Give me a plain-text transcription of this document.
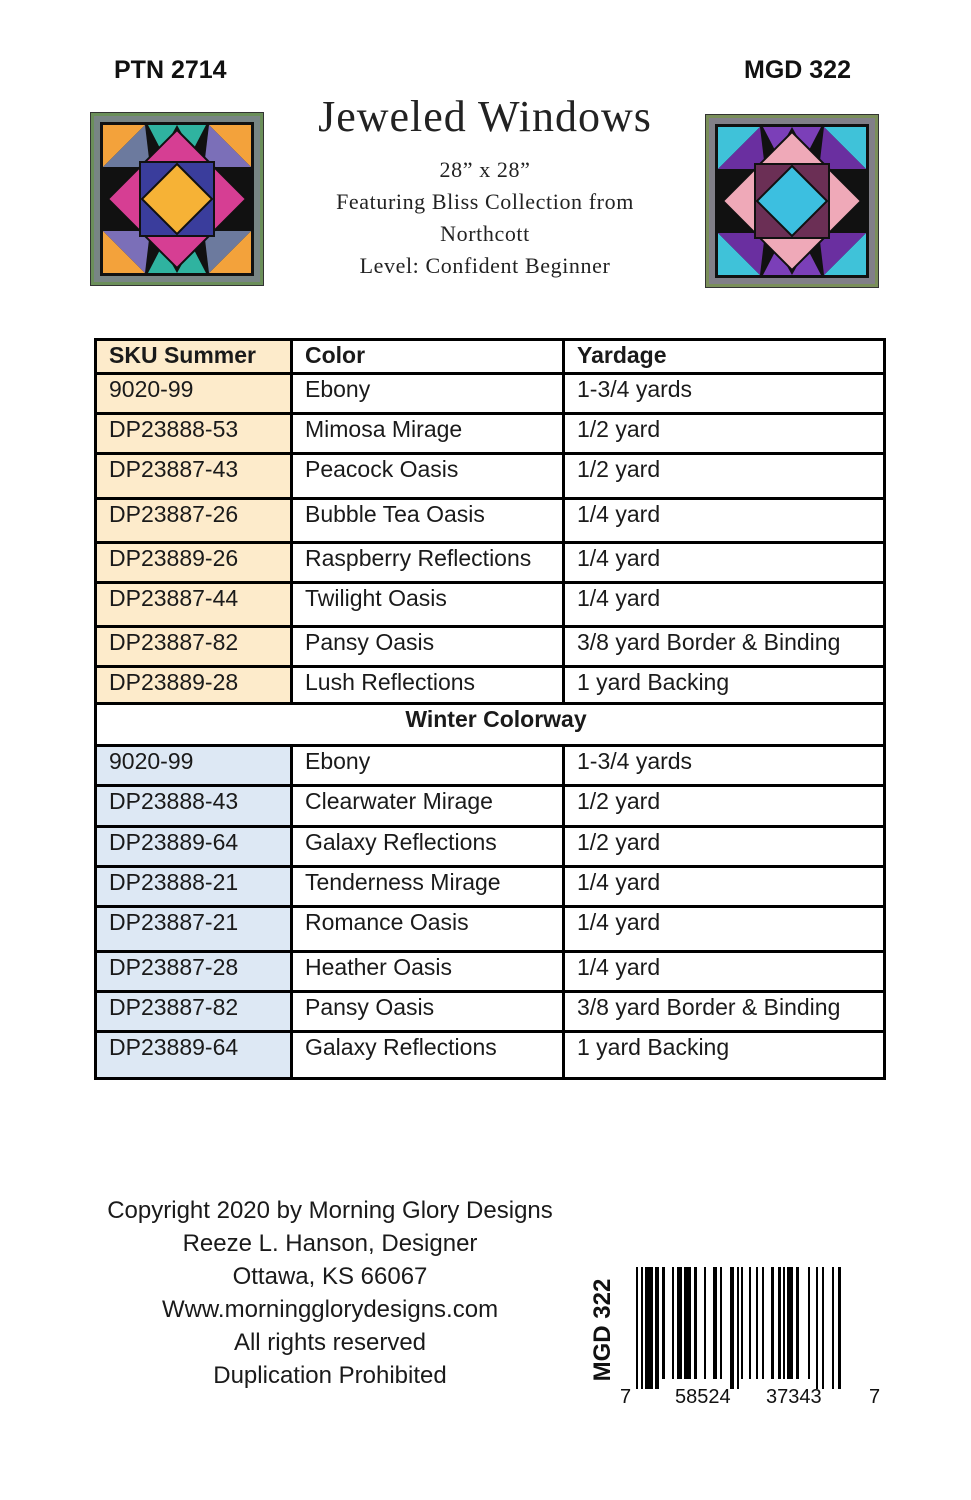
PTN 2714	MGD 322
Jeweled Windows
28” x 28”
Featuring Bliss Collection from
Northcott
Level: Confident Beginner
SKU Summer	Color	Yardage
9020-99	Ebony	1-3/4 yards
DP23888-53	Mimosa Mirage	1/2 yard
DP23887-43	Peacock Oasis	1/2 yard
DP23887-26	Bubble Tea Oasis	1/4 yard
DP23889-26	Raspberry Reflections	1/4 yard
DP23887-44	Twilight Oasis	1/4 yard
DP23887-82	Pansy Oasis	3/8 yard Border & Binding
DP23889-28	Lush Reflections	1 yard Backing
Winter Colorway		
9020-99	Ebony	1-3/4 yards
DP23888-43	Clearwater Mirage	1/2 yard
DP23889-64	Galaxy Reflections	1/2 yard
DP23888-21	Tenderness Mirage	1/4 yard
DP23887-21	Romance Oasis	1/4 yard
DP23887-28	Heather Oasis	1/4 yard
DP23887-82	Pansy Oasis	3/8 yard Border & Binding
DP23889-64	Galaxy Reflections	1 yard Backing
Copyright 2020 by Morning Glory Designs
Reeze L. Hanson, Designer
Ottawa, KS 66067
Www.morningglorydesigns.com
All rights reserved
Duplication Prohibited	MGD 322
7 58524 37343 7
